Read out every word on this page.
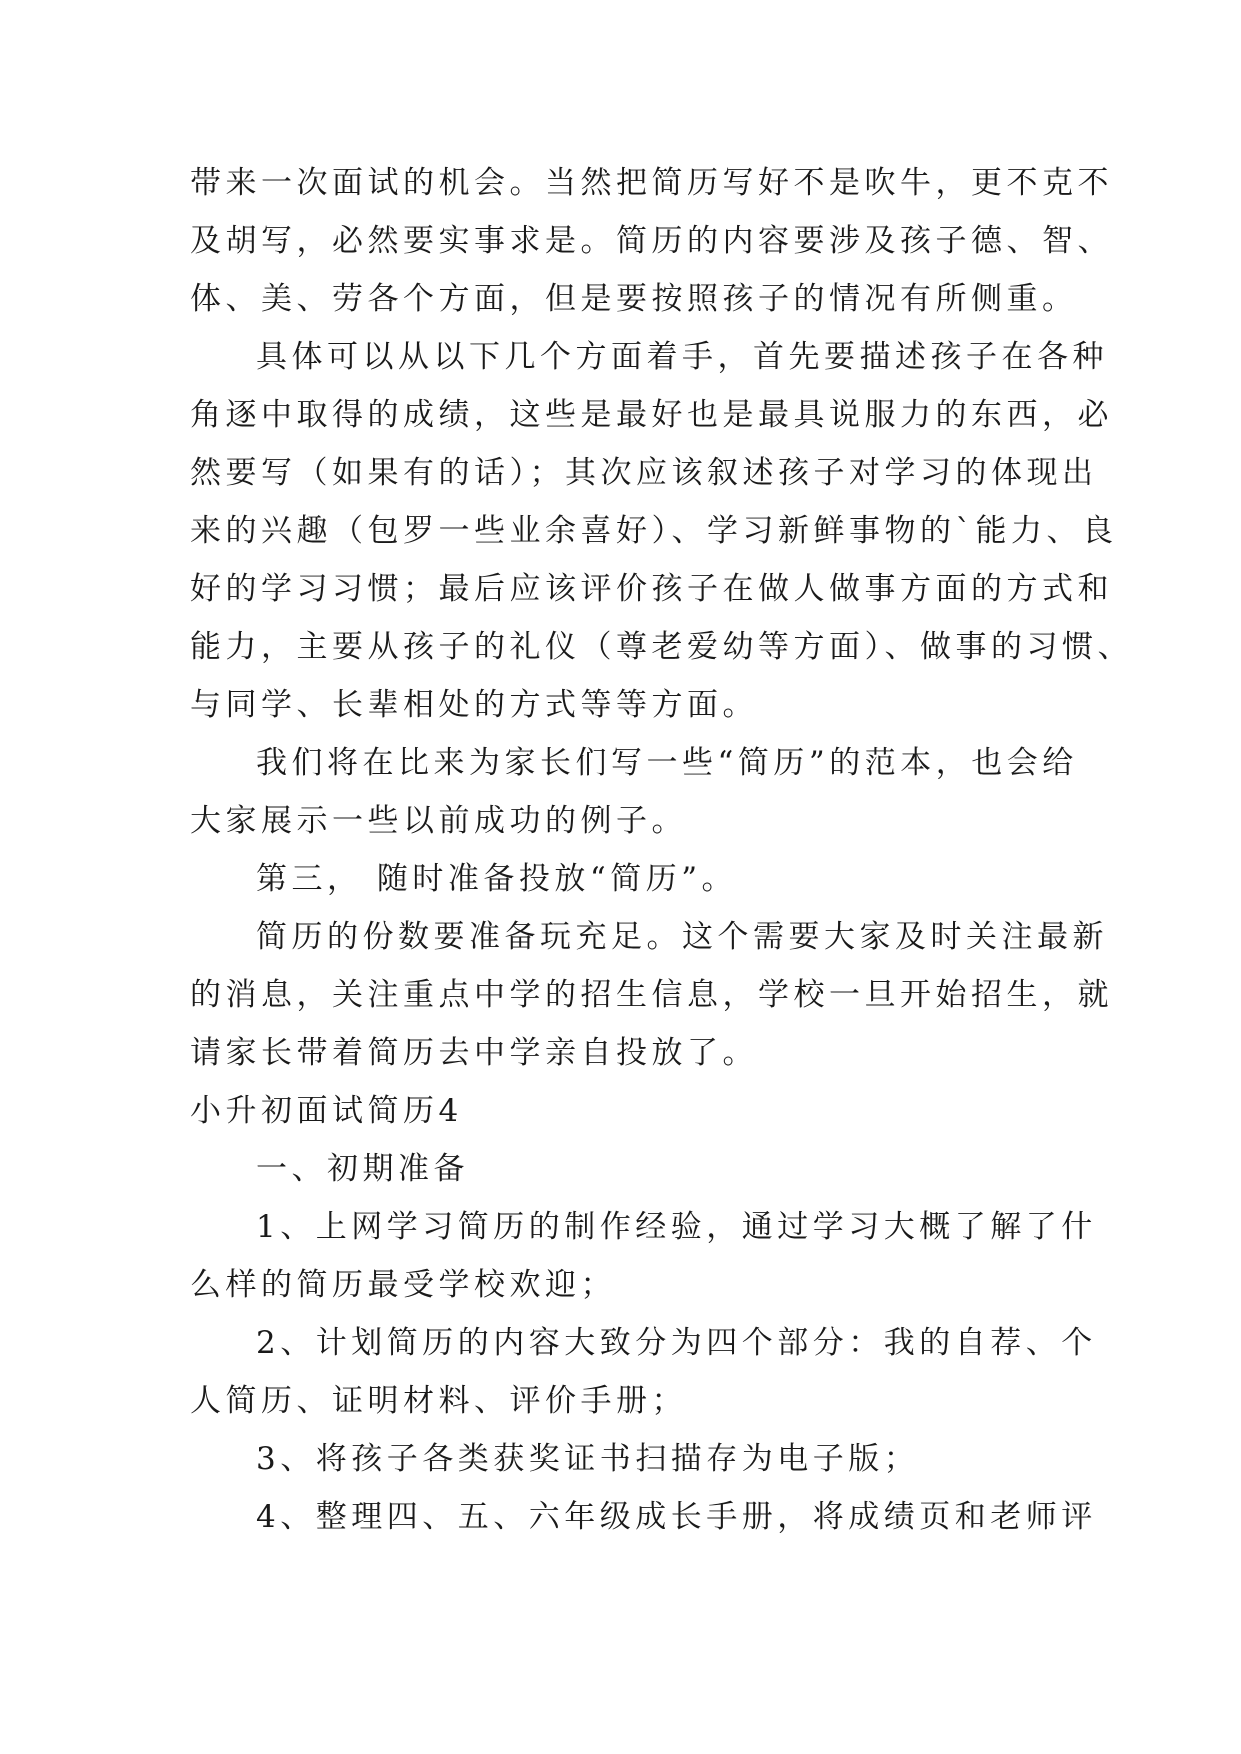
带来一次面试的机会。当然把简历写好不是吹牛，更不克不
及胡写，必然要实事求是。简历的内容要涉及孩子德、智、
体、美、劳各个方面，但是要按照孩子的情况有所侧重。
具体可以从以下几个方面着手，首先要描述孩子在各种
角逐中取得的成绩，这些是最好也是最具说服力的东西，必
然要写（如果有的话）；其次应该叙述孩子对学习的体现出
来的兴趣（包罗一些业余喜好）、学习新鲜事物的`能力、良
好的学习习惯；最后应该评价孩子在做人做事方面的方式和
能力，主要从孩子的礼仪（尊老爱幼等方面）、做事的习惯、
与同学、长辈相处的方式等等方面。
我们将在比来为家长们写一些“简历”的范本，也会给
大家展示一些以前成功的例子。
第三， 随时准备投放“简历”。
简历的份数要准备玩充足。这个需要大家及时关注最新
的消息，关注重点中学的招生信息，学校一旦开始招生，就
请家长带着简历去中学亲自投放了。
小升初面试简历4
一、初期准备
1、上网学习简历的制作经验，通过学习大概了解了什
么样的简历最受学校欢迎；
2、计划简历的内容大致分为四个部分：我的自荐、个
人简历、证明材料、评价手册；
3、将孩子各类获奖证书扫描存为电子版；
4、整理四、五、六年级成长手册，将成绩页和老师评
